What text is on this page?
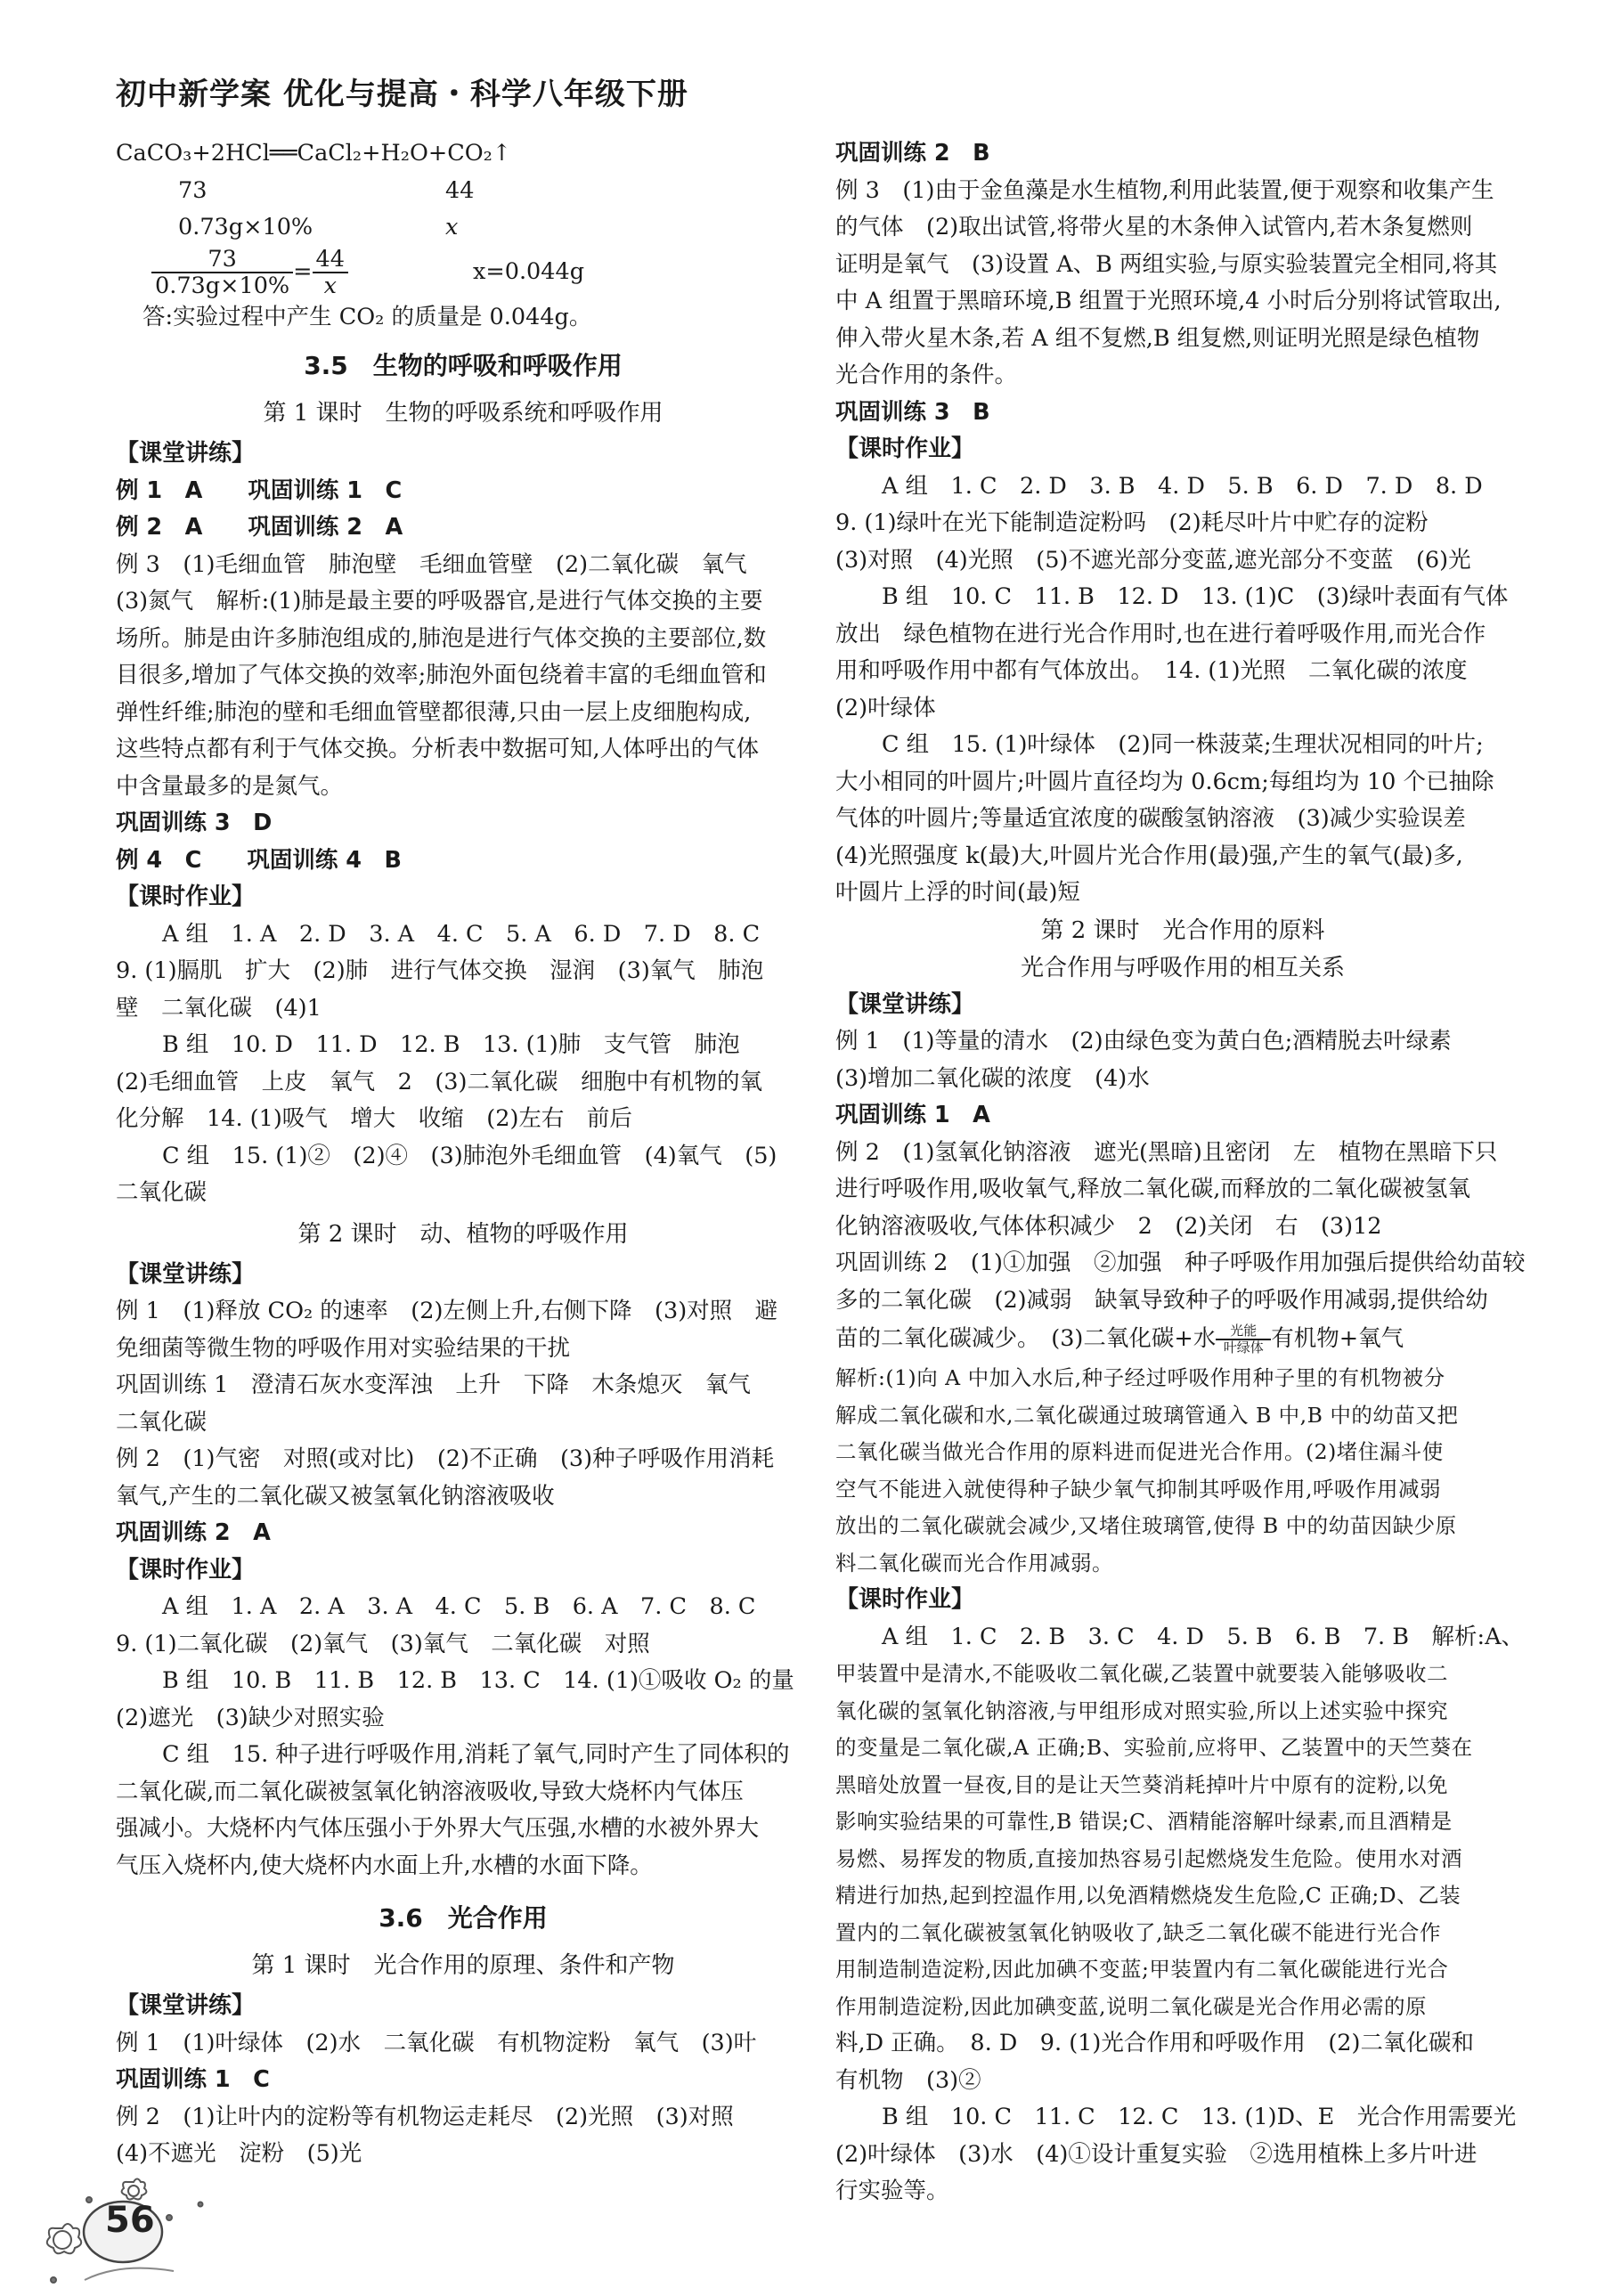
初中新学案 优化与提高・科学八年级下册
CaCO₃+2HCl══CaCl₂+H₂O+CO₂↑
73	44
0.73g×10%	x
$\frac{73}{0.73g\times 10\%} = \frac{44}{x}$	x=0.044g
答:实验过程中产生 CO₂ 的质量是 0.044g。
3.5　生物的呼吸和呼吸作用
第 1 课时　生物的呼吸系统和呼吸作用
【课堂讲练】
例 1　A　　巩固训练 1　C
例 2　A　　巩固训练 2　A
例 3　(1)毛细血管　肺泡壁　毛细血管壁　(2)二氧化碳　氧气
(3)氮气　解析:(1)肺是最主要的呼吸器官,是进行气体交换的主要
场所。肺是由许多肺泡组成的,肺泡是进行气体交换的主要部位,数
目很多,增加了气体交换的效率;肺泡外面包绕着丰富的毛细血管和
弹性纤维;肺泡的壁和毛细血管壁都很薄,只由一层上皮细胞构成,
这些特点都有利于气体交换。分析表中数据可知,人体呼出的气体
中含量最多的是氮气。
巩固训练 3　D
例 4　C　　巩固训练 4　B
【课时作业】
A 组　1. A　2. D　3. A　4. C　5. A　6. D　7. D　8. C
9. (1)膈肌　扩大　(2)肺　进行气体交换　湿润　(3)氧气　肺泡
壁　二氧化碳　(4)1
B 组　10. D　11. D　12. B　13. (1)肺　支气管　肺泡
(2)毛细血管　上皮　氧气　2　(3)二氧化碳　细胞中有机物的氧
化分解　14. (1)吸气　增大　收缩　(2)左右　前后
C 组　15. (1)②　(2)④　(3)肺泡外毛细血管　(4)氧气　(5)
二氧化碳
第 2 课时　动、植物的呼吸作用
【课堂讲练】
例 1　(1)释放 CO₂ 的速率　(2)左侧上升,右侧下降　(3)对照　避
免细菌等微生物的呼吸作用对实验结果的干扰
巩固训练 1　澄清石灰水变浑浊　上升　下降　木条熄灭　氧气
二氧化碳
例 2　(1)气密　对照(或对比)　(2)不正确　(3)种子呼吸作用消耗
氧气,产生的二氧化碳又被氢氧化钠溶液吸收
巩固训练 2　A
【课时作业】
A 组　1. A　2. A　3. A　4. C　5. B　6. A　7. C　8. C
9. (1)二氧化碳　(2)氧气　(3)氧气　二氧化碳　对照
B 组　10. B　11. B　12. B　13. C　14. (1)①吸收 O₂ 的量
(2)遮光　(3)缺少对照实验
C 组　15. 种子进行呼吸作用,消耗了氧气,同时产生了同体积的
二氧化碳,而二氧化碳被氢氧化钠溶液吸收,导致大烧杯内气体压
强减小。大烧杯内气体压强小于外界大气压强,水槽的水被外界大
气压入烧杯内,使大烧杯内水面上升,水槽的水面下降。
3.6　光合作用
第 1 课时　光合作用的原理、条件和产物
【课堂讲练】
例 1　(1)叶绿体　(2)水　二氧化碳　有机物淀粉　氧气　(3)叶
巩固训练 1　C
例 2　(1)让叶内的淀粉等有机物运走耗尽　(2)光照　(3)对照
(4)不遮光　淀粉　(5)光
巩固训练 2　B
例 3　(1)由于金鱼藻是水生植物,利用此装置,便于观察和收集产生
的气体　(2)取出试管,将带火星的木条伸入试管内,若木条复燃则
证明是氧气　(3)设置 A、B 两组实验,与原实验装置完全相同,将其
中 A 组置于黑暗环境,B 组置于光照环境,4 小时后分别将试管取出,
伸入带火星木条,若 A 组不复燃,B 组复燃,则证明光照是绿色植物
光合作用的条件。
巩固训练 3　B
【课时作业】
A 组　1. C　2. D　3. B　4. D　5. B　6. D　7. D　8. D
9. (1)绿叶在光下能制造淀粉吗　(2)耗尽叶片中贮存的淀粉
(3)对照　(4)光照　(5)不遮光部分变蓝,遮光部分不变蓝　(6)光
B 组　10. C　11. B　12. D　13. (1)C　(3)绿叶表面有气体
放出　绿色植物在进行光合作用时,也在进行着呼吸作用,而光合作
用和呼吸作用中都有气体放出。　14. (1)光照　二氧化碳的浓度
(2)叶绿体
C 组　15. (1)叶绿体　(2)同一株菠菜;生理状况相同的叶片;
大小相同的叶圆片;叶圆片直径均为 0.6cm;每组均为 10 个已抽除
气体的叶圆片;等量适宜浓度的碳酸氢钠溶液　(3)减少实验误差
(4)光照强度 k(最)大,叶圆片光合作用(最)强,产生的氧气(最)多,
叶圆片上浮的时间(最)短
第 2 课时　光合作用的原料
光合作用与呼吸作用的相互关系
【课堂讲练】
例 1　(1)等量的清水　(2)由绿色变为黄白色;酒精脱去叶绿素
(3)增加二氧化碳的浓度　(4)水
巩固训练 1　A
例 2　(1)氢氧化钠溶液　遮光(黑暗)且密闭　左　植物在黑暗下只
进行呼吸作用,吸收氧气,释放二氧化碳,而释放的二氧化碳被氢氧
化钠溶液吸收,气体体积减少　2　(2)关闭　右　(3)12
巩固训练 2　(1)①加强　②加强　种子呼吸作用加强后提供给幼苗较
多的二氧化碳　(2)减弱　缺氧导致种子的呼吸作用减弱,提供给幼
苗的二氧化碳减少。　(3)二氧化碳+水	光能
叶绿体 有机物+氧气
解析:(1)向 A 中加入水后,种子经过呼吸作用种子里的有机物被分
解成二氧化碳和水,二氧化碳通过玻璃管通入 B 中,B 中的幼苗又把
二氧化碳当做光合作用的原料进而促进光合作用。(2)堵住漏斗使
空气不能进入就使得种子缺少氧气抑制其呼吸作用,呼吸作用减弱
放出的二氧化碳就会减少,又堵住玻璃管,使得 B 中的幼苗因缺少原
料二氧化碳而光合作用减弱。
【课时作业】
A 组　1. C　2. B　3. C　4. D　5. B　6. B　7. B　解析:A、
甲装置中是清水,不能吸收二氧化碳,乙装置中就要装入能够吸收二
氧化碳的氢氧化钠溶液,与甲组形成对照实验,所以上述实验中探究
的变量是二氧化碳,A 正确;B、实验前,应将甲、乙装置中的天竺葵在
黑暗处放置一昼夜,目的是让天竺葵消耗掉叶片中原有的淀粉,以免
影响实验结果的可靠性,B 错误;C、酒精能溶解叶绿素,而且酒精是
易燃、易挥发的物质,直接加热容易引起燃烧发生危险。使用水对酒
精进行加热,起到控温作用,以免酒精燃烧发生危险,C 正确;D、乙装
置内的二氧化碳被氢氧化钠吸收了,缺乏二氧化碳不能进行光合作
用制造制造淀粉,因此加碘不变蓝;甲装置内有二氧化碳能进行光合
作用制造淀粉,因此加碘变蓝,说明二氧化碳是光合作用必需的原
料,D 正确。　8. D　9. (1)光合作用和呼吸作用　(2)二氧化碳和
有机物　(3)②
B 组　10. C　11. C　12. C　13. (1)D、E　光合作用需要光
(2)叶绿体　(3)水　(4)①设计重复实验　②选用植株上多片叶进
行实验等。
56
